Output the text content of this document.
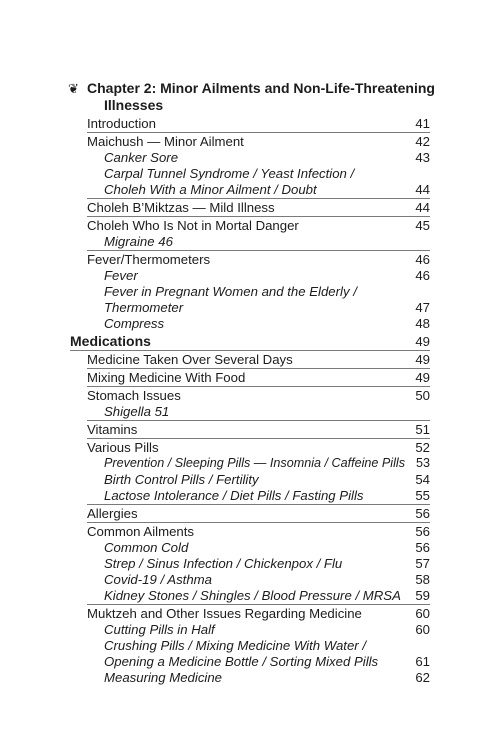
❦ Chapter 2: Minor Ailments and Non-Life-Threatening
Illnesses
Introduction	41
Maichush — Minor Ailment	42
Canker Sore	43
Carpal Tunnel Syndrome / Yeast Infection /
Choleh With a Minor Ailment / Doubt	44
Choleh B’Miktzas — Mild Illness	44
Choleh Who Is Not in Mortal Danger	45
Migraine 46
Fever/Thermometers	46
Fever	46
Fever in Pregnant Women and the Elderly /
Thermometer	47
Compress	48
Medications	49
Medicine Taken Over Several Days	49
Mixing Medicine With Food	49
Stomach Issues	50
Shigella 51
Vitamins	51
Various Pills	52
Prevention / Sleeping Pills — Insomnia / Caffeine Pills 53
Birth Control Pills / Fertility	54
Lactose Intolerance / Diet Pills / Fasting Pills	55
Allergies	56
Common Ailments	56
Common Cold	56
Strep / Sinus Infection / Chickenpox / Flu	57
Covid-19 / Asthma	58
Kidney Stones / Shingles / Blood Pressure / MRSA 59
Muktzeh and Other Issues Regarding Medicine	60
Cutting Pills in Half	60
Crushing Pills / Mixing Medicine With Water /
Opening a Medicine Bottle / Sorting Mixed Pills	61
Measuring Medicine	62
